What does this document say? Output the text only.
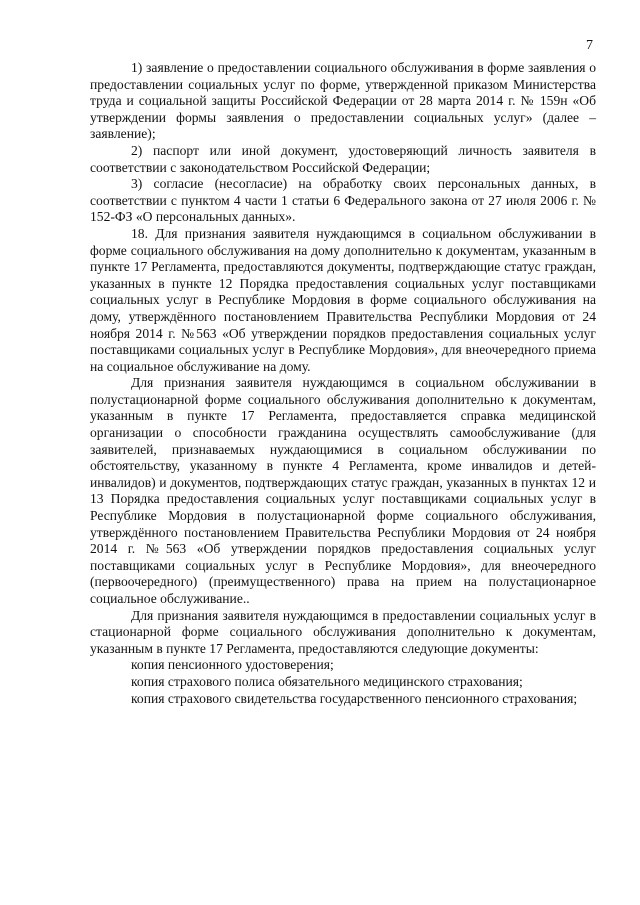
7

1) заявление о предоставлении социального обслуживания в форме заявления о предоставлении социальных услуг по форме, утвержденной приказом Министерства труда и социальной защиты Российской Федерации от 28 марта 2014 г. № 159н «Об утверждении формы заявления о предоставлении социальных услуг» (далее – заявление);

2) паспорт или иной документ, удостоверяющий личность заявителя в соответствии с законодательством Российской Федерации;

3) согласие (несогласие) на обработку своих персональных данных, в соответствии с пунктом 4 части 1 статьи 6 Федерального закона от 27 июля 2006 г. № 152-ФЗ «О персональных данных».

18. Для признания заявителя нуждающимся в социальном обслуживании в форме социального обслуживания на дому дополнительно к документам, указанным в пункте 17 Регламента, предоставляются документы, подтверждающие статус граждан, указанных в пункте 12 Порядка предоставления социальных услуг поставщиками социальных услуг в Республике Мордовия в форме социального обслуживания на дому, утверждённого постановлением Правительства Республики Мордовия от 24 ноября 2014 г. №563 «Об утверждении порядков предоставления социальных услуг поставщиками социальных услуг в Республике Мордовия», для внеочередного приема на социальное обслуживание на дому.

Для признания заявителя нуждающимся в социальном обслуживании в полустационарной форме социального обслуживания дополнительно к документам, указанным в пункте 17 Регламента, предоставляется справка медицинской организации о способности гражданина осуществлять самообслуживание (для заявителей, признаваемых нуждающимися в социальном обслуживании по обстоятельству, указанному в пункте 4 Регламента, кроме инвалидов и детей-инвалидов) и документов, подтверждающих статус граждан, указанных в пунктах 12 и 13 Порядка предоставления социальных услуг поставщиками социальных услуг в Республике Мордовия в полустационарной форме социального обслуживания, утверждённого постановлением Правительства Республики Мордовия от 24 ноября 2014 г. №563 «Об утверждении порядков предоставления социальных услуг поставщиками социальных услуг в Республике Мордовия», для внеочередного (первоочередного) (преимущественного) права на прием на полустационарное социальное обслуживание..

Для признания заявителя нуждающимся в предоставлении социальных услуг в стационарной форме социального обслуживания дополнительно к документам, указанным в пункте 17 Регламента, предоставляются следующие документы:

копия пенсионного удостоверения;

копия страхового полиса обязательного медицинского страхования;

копия страхового свидетельства государственного пенсионного страхования;
